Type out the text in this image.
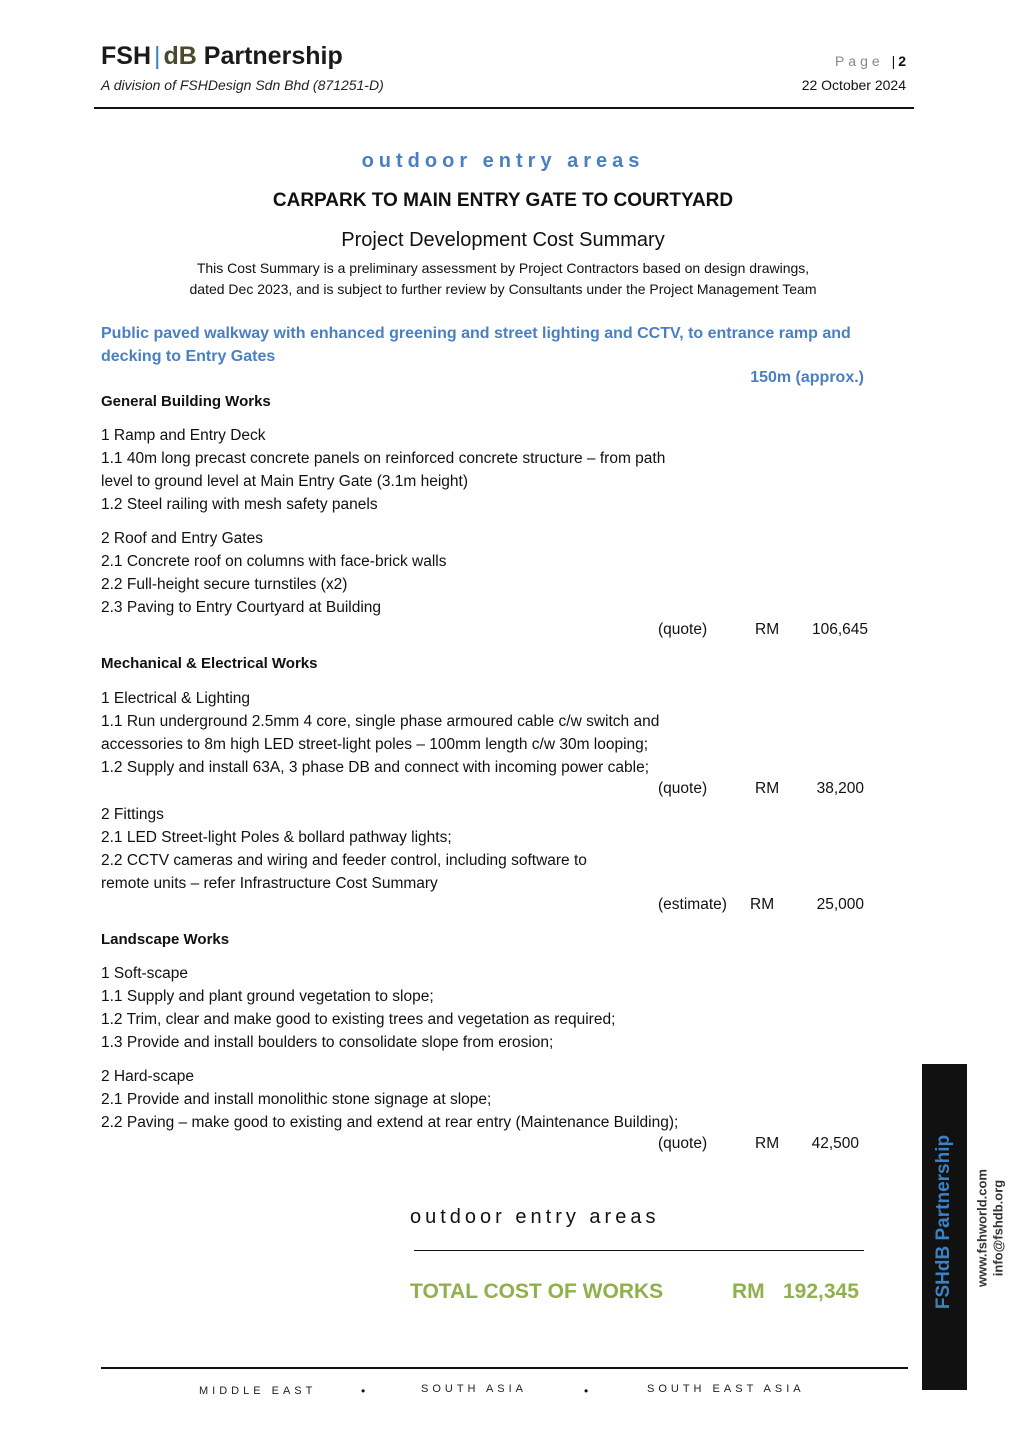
FSH | dB Partnership
A division of FSHDesign Sdn Bhd (871251-D)
Page | 2
22 October 2024
outdoor entry areas
CARPARK TO MAIN ENTRY GATE TO COURTYARD
Project Development Cost Summary
This Cost Summary is a preliminary assessment by Project Contractors based on design drawings,
dated Dec 2023, and is subject to further review by Consultants under the Project Management Team
Public paved walkway with enhanced greening and street lighting and CCTV, to entrance ramp and
decking to Entry Gates
150m (approx.)
General Building Works
1 Ramp and Entry Deck
1.1 40m long precast concrete panels on reinforced concrete structure – from path
level to ground level at Main Entry Gate (3.1m height)
1.2 Steel railing with mesh safety panels
2 Roof and Entry Gates
2.1 Concrete roof on columns with face-brick walls
2.2 Full-height secure turnstiles (x2)
2.3 Paving to Entry Courtyard at Building
(quote)	RM	106,645
Mechanical & Electrical Works
1 Electrical & Lighting
1.1 Run underground 2.5mm 4 core, single phase armoured cable c/w switch and
accessories to 8m high LED street-light poles – 100mm length c/w 30m looping;
1.2 Supply and install 63A, 3 phase DB and connect with incoming power cable;
(quote)	RM	38,200
2 Fittings
2.1 LED Street-light Poles & bollard pathway lights;
2.2 CCTV cameras and wiring and feeder control, including software to
remote units – refer Infrastructure Cost Summary
(estimate) RM	25,000
Landscape Works
1 Soft-scape
1.1 Supply and plant ground vegetation to slope;
1.2 Trim, clear and make good to existing trees and vegetation as required;
1.3 Provide and install boulders to consolidate slope from erosion;
2 Hard-scape
2.1 Provide and install monolithic stone signage at slope;
2.2 Paving – make good to existing and extend at rear entry (Maintenance Building);
(quote)	RM	42,500
outdoor entry areas
TOTAL COST OF WORKS	RM 192,345	FSHdB Partnership www.fshworld.com info@fshdb.org
MIDDLE EAST	•	SOUTH ASIA	•	SOUTH EAST ASIA
